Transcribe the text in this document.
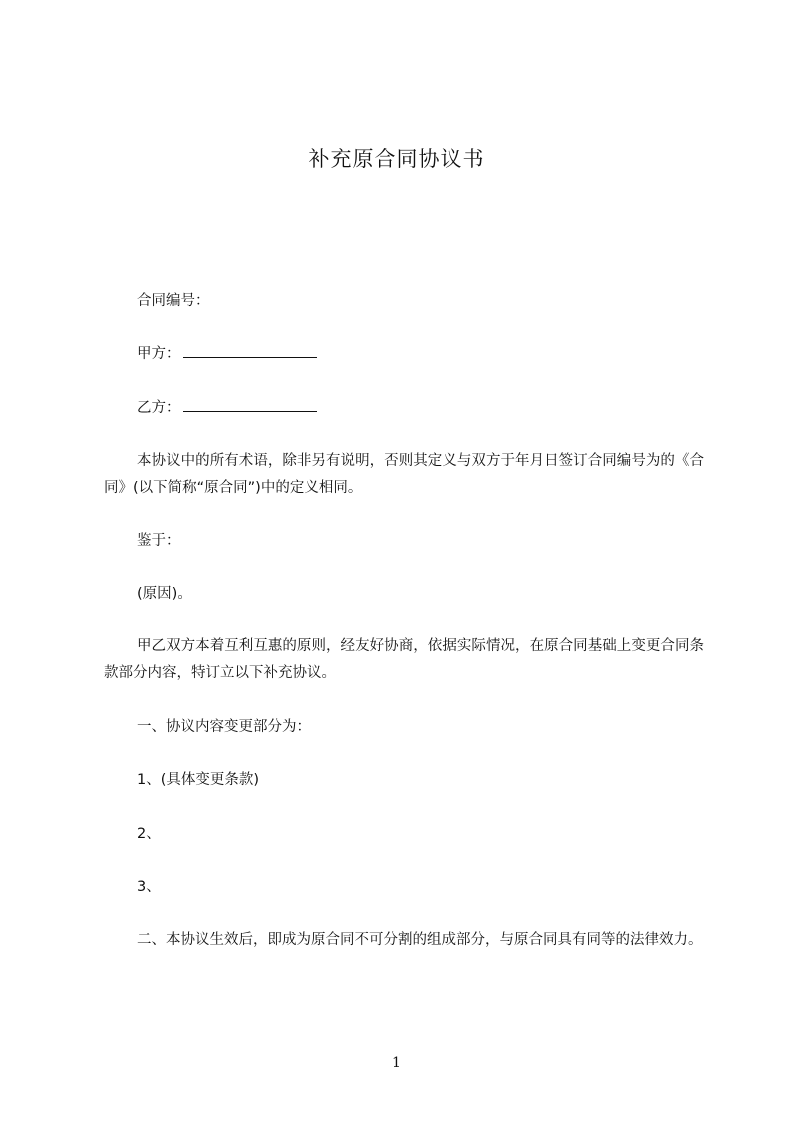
补充原合同协议书
合同编号：
甲方：
乙方：
本协议中的所有术语，除非另有说明，否则其定义与双方于年月日签订合同编号为的《合同》(以下简称“原合同”)中的定义相同。
鉴于：
(原因)。
甲乙双方本着互利互惠的原则，经友好协商，依据实际情况，在原合同基础上变更合同条款部分内容，特订立以下补充协议。
一、协议内容变更部分为：
1、(具体变更条款)
2、
3、
二、本协议生效后，即成为原合同不可分割的组成部分，与原合同具有同等的法律效力。
1
